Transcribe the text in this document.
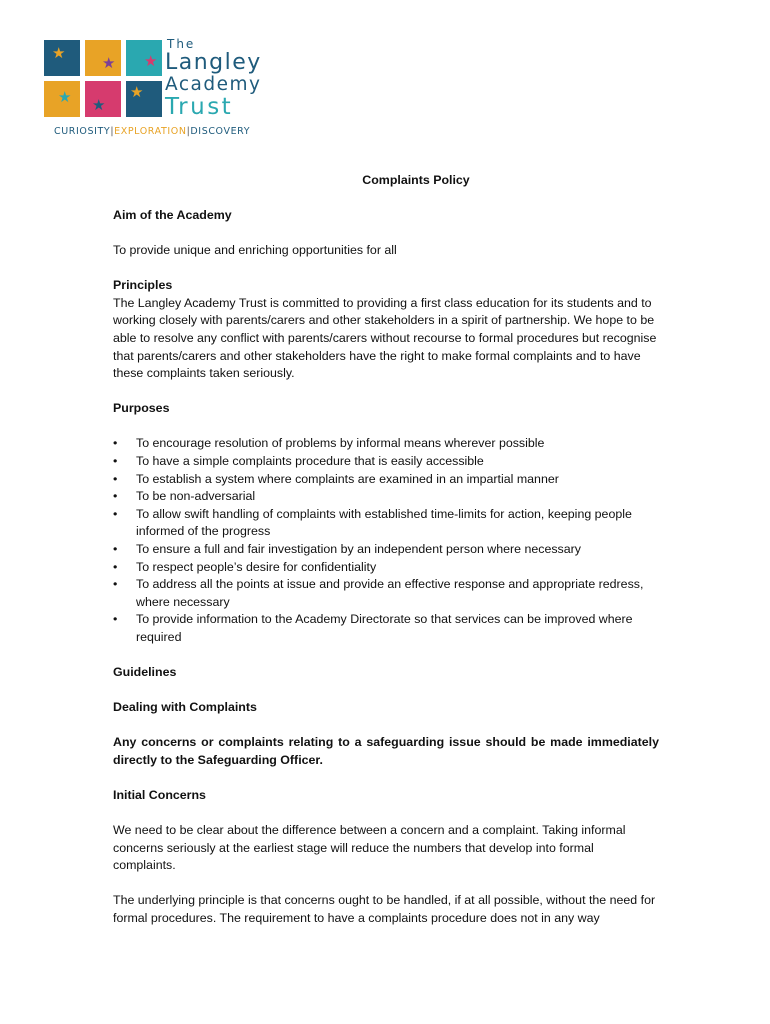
★
★ ★
★ ★
★
The
Langley
Academy
Trust
CURIOSITY|EXPLORATION|DISCOVERY

Complaints Policy

Aim of the Academy

To provide unique and enriching opportunities for all

Principles

The Langley Academy Trust is committed to providing a first class education for its students and to working closely with parents/carers and other stakeholders in a spirit of partnership. We hope to be able to resolve any conflict with parents/carers without recourse to formal procedures but recognise that parents/carers and other stakeholders have the right to make formal complaints and to have these complaints taken seriously.

Purposes

• To encourage resolution of problems by informal means wherever possible
• To have a simple complaints procedure that is easily accessible
• To establish a system where complaints are examined in an impartial manner
• To be non-adversarial
• To allow swift handling of complaints with established time-limits for action, keeping people informed of the progress
• To ensure a full and fair investigation by an independent person where necessary
• To respect people’s desire for confidentiality
• To address all the points at issue and provide an effective response and appropriate redress, where necessary
• To provide information to the Academy Directorate so that services can be improved where required

Guidelines

Dealing with Complaints

Any concerns or complaints relating to a safeguarding issue should be made immediately directly to the Safeguarding Officer.

Initial Concerns

We need to be clear about the difference between a concern and a complaint. Taking informal concerns seriously at the earliest stage will reduce the numbers that develop into formal complaints.

The underlying principle is that concerns ought to be handled, if at all possible, without the need for formal procedures. The requirement to have a complaints procedure does not in any way
